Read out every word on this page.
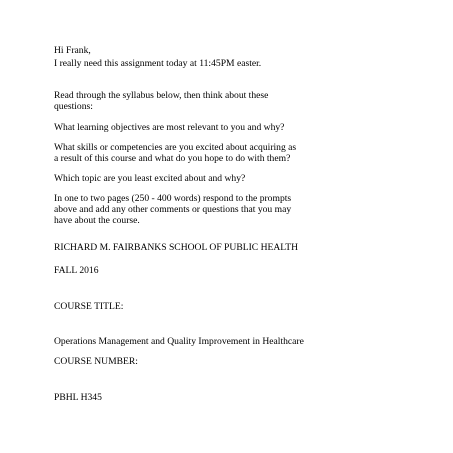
Hi Frank,

I really need this assignment today at 11:45PM easter.

Read through the syllabus below, then think about these

questions:

What learning objectives are most relevant to you and why?

What skills or competencies are you excited about acquiring as

a result of this course and what do you hope to do with them?

Which topic are you least excited about and why?

In one to two pages (250 - 400 words) respond to the prompts

above and add any other comments or questions that you may

have about the course.

RICHARD M. FAIRBANKS SCHOOL OF PUBLIC HEALTH

FALL 2016

COURSE TITLE:

Operations Management and Quality Improvement in Healthcare

COURSE NUMBER:

PBHL H345
